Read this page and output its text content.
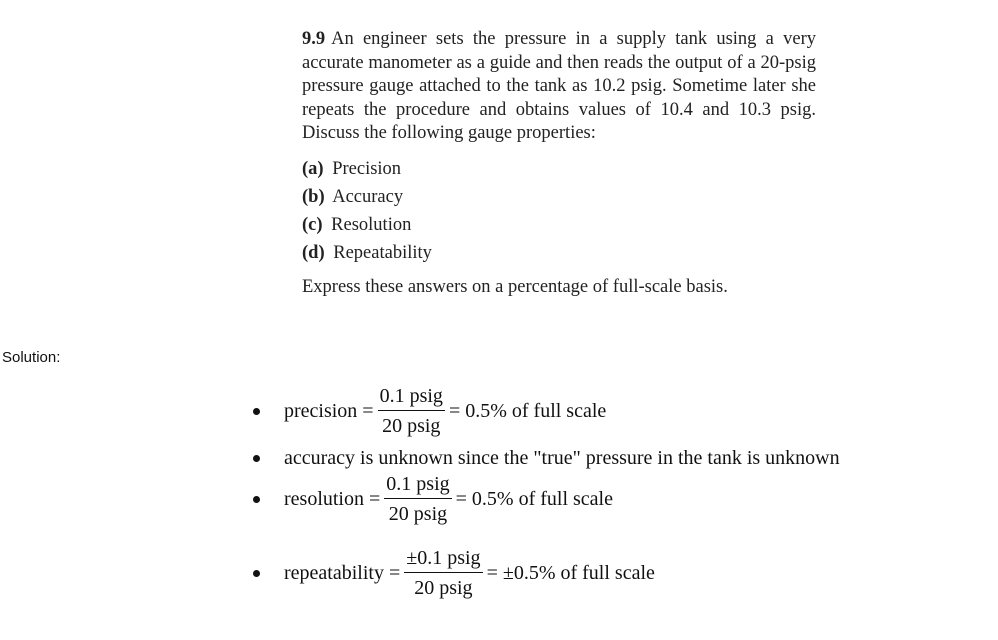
9.9 An engineer sets the pressure in a supply tank using a very accurate manometer as a guide and then reads the output of a 20-psig pressure gauge attached to the tank as 10.2 psig. Sometime later she repeats the procedure and obtains values of 10.4 and 10.3 psig. Discuss the following gauge properties:
(a) Precision
(b) Accuracy
(c) Resolution
(d) Repeatability
Express these answers on a percentage of full-scale basis.
Solution:
precision = $\frac{\text{0.1 psig}}{\text{20 psig}} = 0.5\%$ of full scale
accuracy is unknown since the "true" pressure in the tank is unknown
resolution = $\frac{\text{0.1 psig}}{\text{20 psig}} = 0.5\%$ of full scale
repeatability = $\frac{\text{±0.1 psig}}{\text{20 psig}} = \pm 0.5\%$ of full scale
